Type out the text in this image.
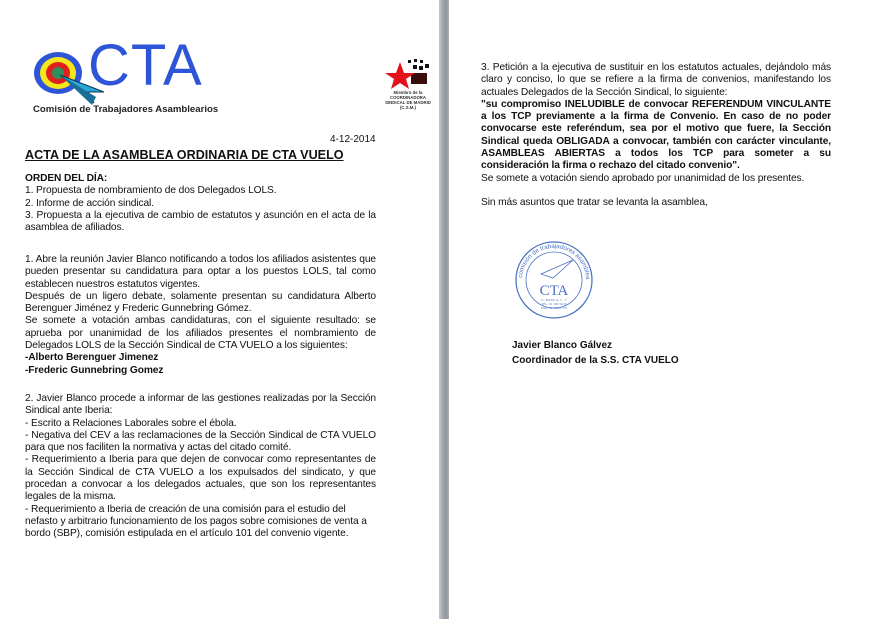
CTA
Comisión de Trabajadores Asamblearios
Miembro de la
COORDINADORA
SINDICAL DE MADRID
(C.S.M.)
4-12-2014
ACTA DE LA ASAMBLEA ORDINARIA DE CTA VUELO

ORDEN DEL DÍA:

1. Propuesta de nombramiento de dos Delegados LOLS.

2. Informe de acción sindical.

3. Propuesta a la ejecutiva de cambio de estatutos y asunción en el acta de la asamblea de afiliados.

1. Abre la reunión Javier Blanco notificando a todos los afiliados asistentes que pueden presentar su candidatura para optar a los puestos LOLS, tal como establecen nuestros estatutos vigentes.

Después de un ligero debate, solamente presentan su candidatura Alberto Berenguer Jiménez y Frederic Gunnebring Gómez.

Se somete a votación ambas candidaturas, con el siguiente resultado: se aprueba por unanimidad de los afiliados presentes el nombramiento de Delegados LOLS de la Sección Sindical de CTA VUELO a los siguientes:

-Alberto Berenguer Jimenez

-Frederic Gunnebring Gomez

2. Javier Blanco procede a informar de las gestiones realizadas por la Sección Sindical ante Iberia:

- Escrito a Relaciones Laborales sobre el ébola.

- Negativa del CEV a las reclamaciones de la Sección Sindical de CTA VUELO para que nos faciliten la normativa y actas del citado comité.

- Requerimiento a Iberia para que dejen de convocar como representantes de la Sección Sindical de CTA VUELO a los expulsados del sindicato, y que procedan a convocar a los delegados actuales, que son los representantes legales de la misma.

- Requerimiento a Iberia de creación de una comisión para el estudio del nefasto y arbitrario funcionamiento de los pagos sobre comisiones de venta a bordo (SBP), comisión estipulada en el artículo 101 del convenio vigente.

3. Petición a la ejecutiva de sustituir en los estatutos actuales, dejándolo más claro y conciso, lo que se refiere a la firma de convenios, manifestando los actuales Delegados de la Sección Sindical, lo siguiente:

"su compromiso INELUDIBLE de convocar REFERENDUM VINCULANTE a los TCP previamente a la firma de Convenio. En caso de no poder convocarse este referéndum, sea por el motivo que fuere, la Sección Sindical queda OBLIGADA a convocar, también con carácter vinculante, ASAMBLEAS ABIERTAS a todos los TCP para someter a su consideración la firma o rechazo del citado convenio".

Se somete a votación siendo aprobado por unanimidad de los presentes.

Sin más asuntos que tratar se levanta la asamblea,

comisión de trabajadores asamblea
CTA
C/. BOTICA, 5 - 1º
TEL. 91 329 56 56
FAX. 91 329 07 03
Javier Blanco Gálvez
Coordinador de la S.S. CTA VUELO
